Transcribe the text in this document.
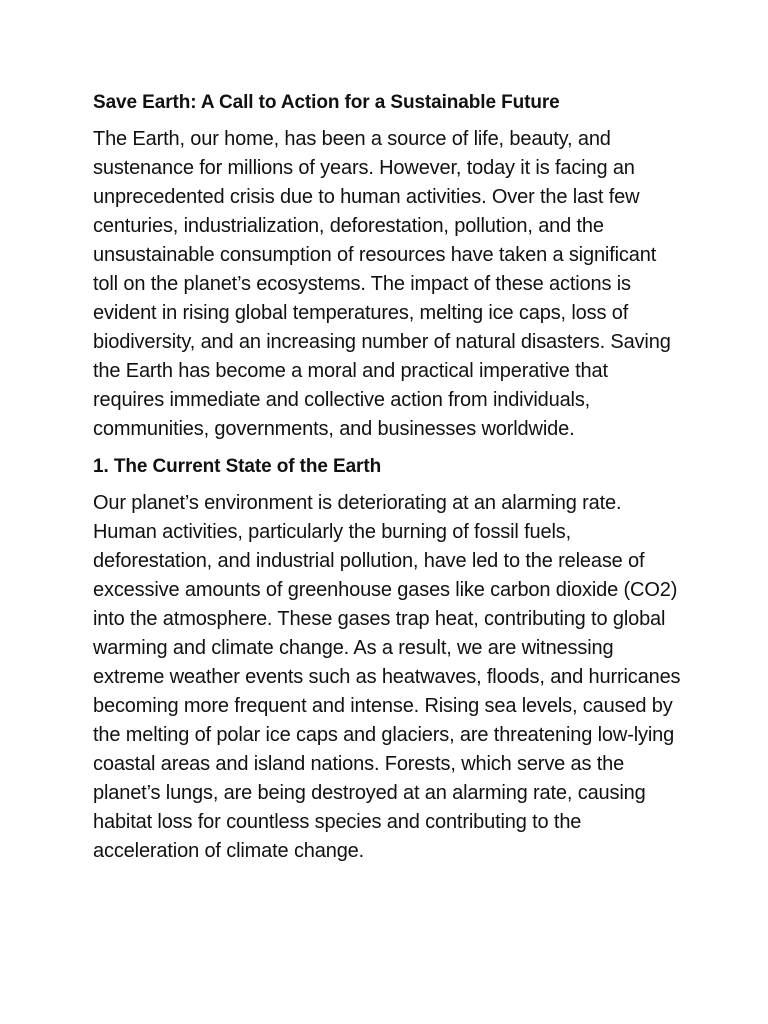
Save Earth: A Call to Action for a Sustainable Future
The Earth, our home, has been a source of life, beauty, and sustenance for millions of years. However, today it is facing an unprecedented crisis due to human activities. Over the last few centuries, industrialization, deforestation, pollution, and the unsustainable consumption of resources have taken a significant toll on the planet’s ecosystems. The impact of these actions is evident in rising global temperatures, melting ice caps, loss of biodiversity, and an increasing number of natural disasters. Saving the Earth has become a moral and practical imperative that requires immediate and collective action from individuals, communities, governments, and businesses worldwide.
1. The Current State of the Earth
Our planet’s environment is deteriorating at an alarming rate. Human activities, particularly the burning of fossil fuels, deforestation, and industrial pollution, have led to the release of excessive amounts of greenhouse gases like carbon dioxide (CO2) into the atmosphere. These gases trap heat, contributing to global warming and climate change. As a result, we are witnessing extreme weather events such as heatwaves, floods, and hurricanes becoming more frequent and intense. Rising sea levels, caused by the melting of polar ice caps and glaciers, are threatening low-lying coastal areas and island nations. Forests, which serve as the planet’s lungs, are being destroyed at an alarming rate, causing habitat loss for countless species and contributing to the acceleration of climate change.
